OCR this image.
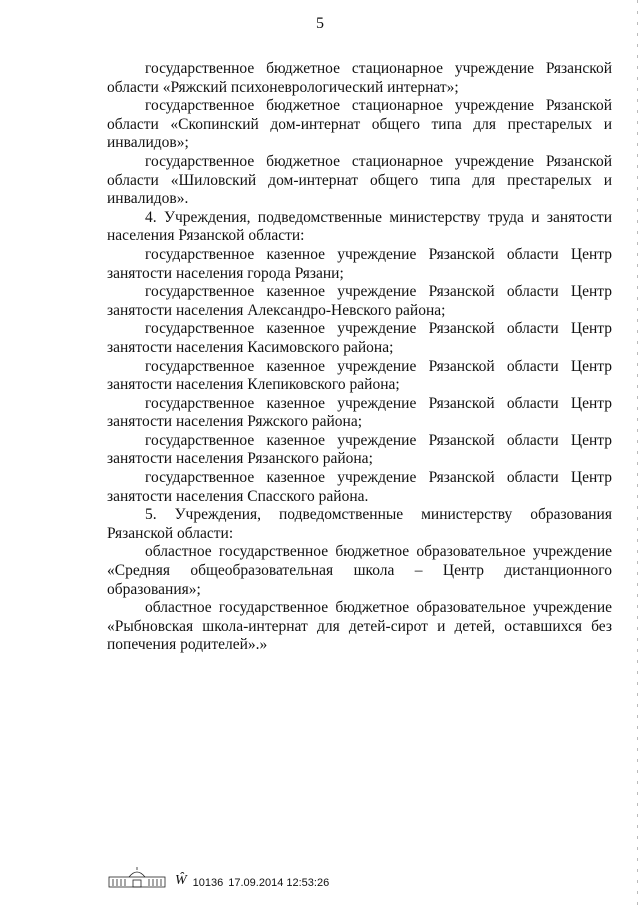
5

государственное бюджетное стационарное учреждение Рязанской области «Ряжский психоневрологический интернат»;

государственное бюджетное стационарное учреждение Рязанской области «Скопинский дом-интернат общего типа для престарелых и инвалидов»;

государственное бюджетное стационарное учреждение Рязанской области «Шиловский дом-интернат общего типа для престарелых и инвалидов».

4. Учреждения, подведомственные министерству труда и занятости населения Рязанской области:

государственное казенное учреждение Рязанской области Центр занятости населения города Рязани;

государственное казенное учреждение Рязанской области Центр занятости населения Александро-Невского района;

государственное казенное учреждение Рязанской области Центр занятости населения Касимовского района;

государственное казенное учреждение Рязанской области Центр занятости населения Клепиковского района;

государственное казенное учреждение Рязанской области Центр занятости населения Ряжского района;

государственное казенное учреждение Рязанской области Центр занятости населения Рязанского района;

государственное казенное учреждение Рязанской области Центр занятости населения Спасского района.

5. Учреждения, подведомственные министерству образования Рязанской области:

областное государственное бюджетное образовательное учреждение «Средняя общеобразовательная школа – Центр дистанционного образования»;

областное государственное бюджетное образовательное учреждение «Рыбновская школа-интернат для детей-сирот и детей, оставшихся без попечения родителей».»

Ŵ 10136 17.09.2014 12:53:26
